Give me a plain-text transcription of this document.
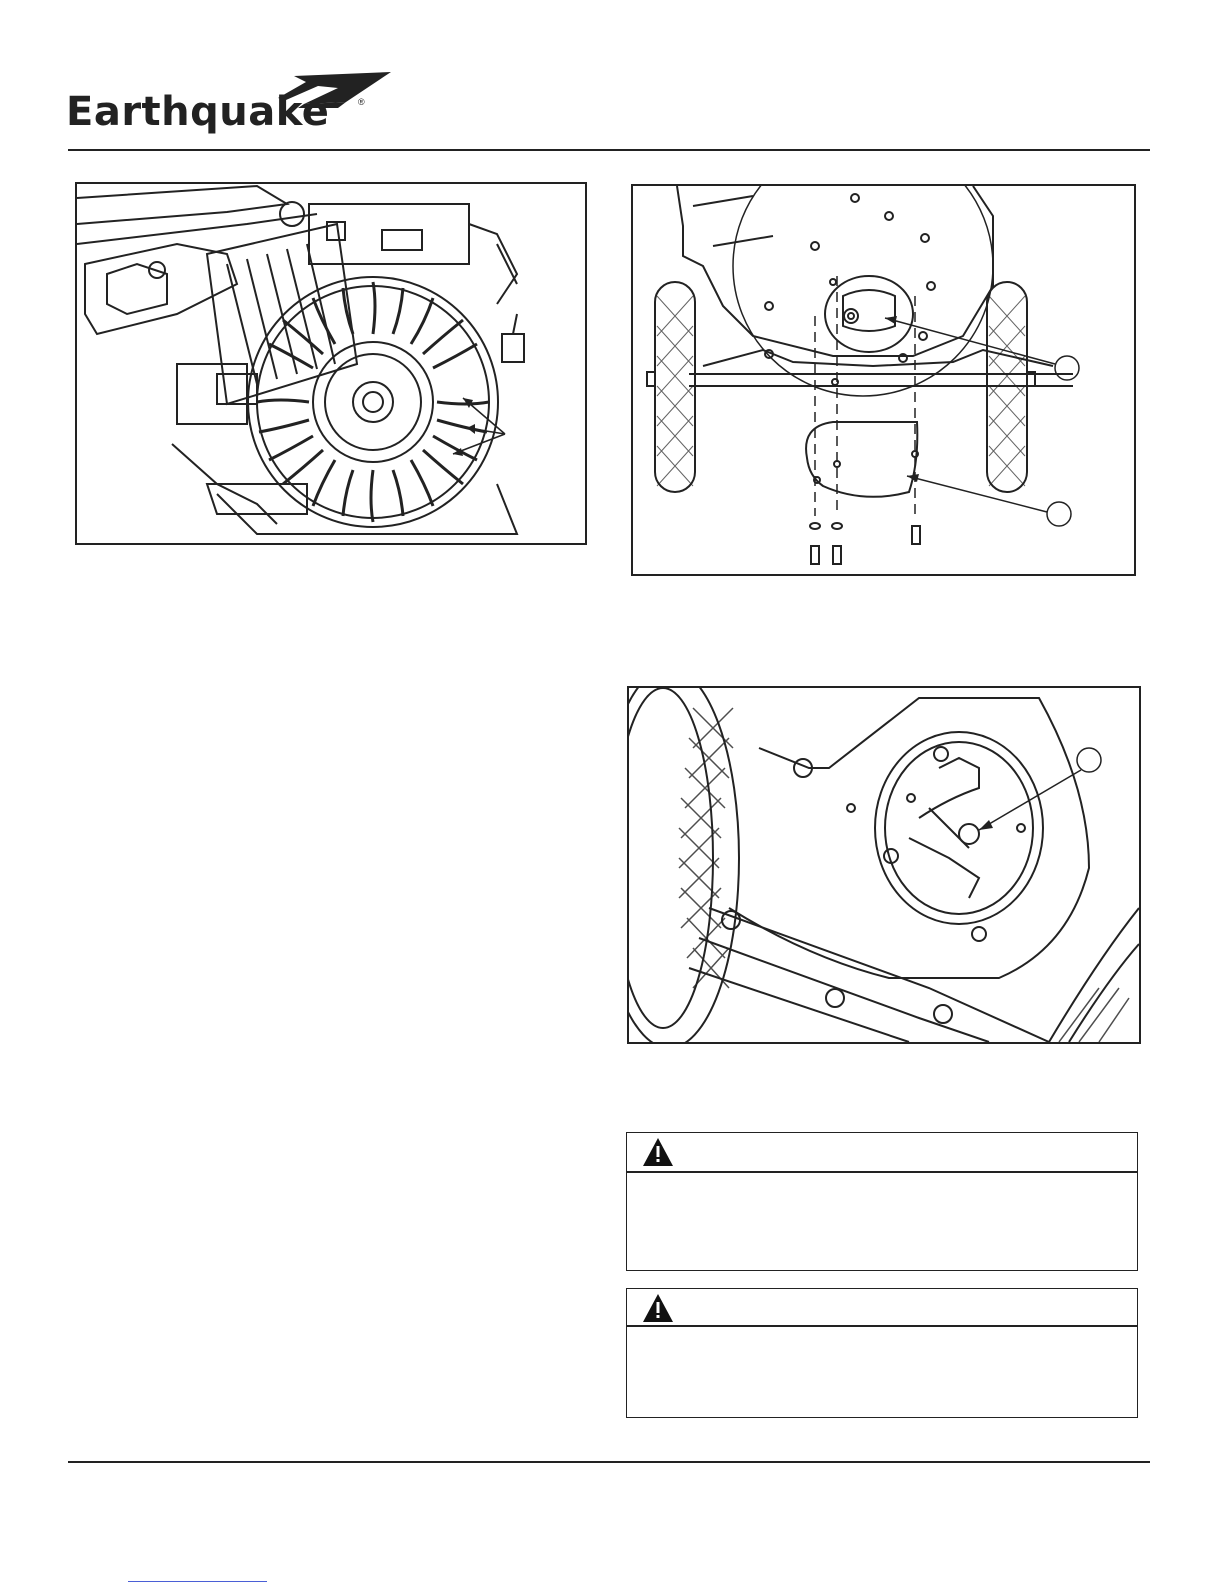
Earthquake	®
